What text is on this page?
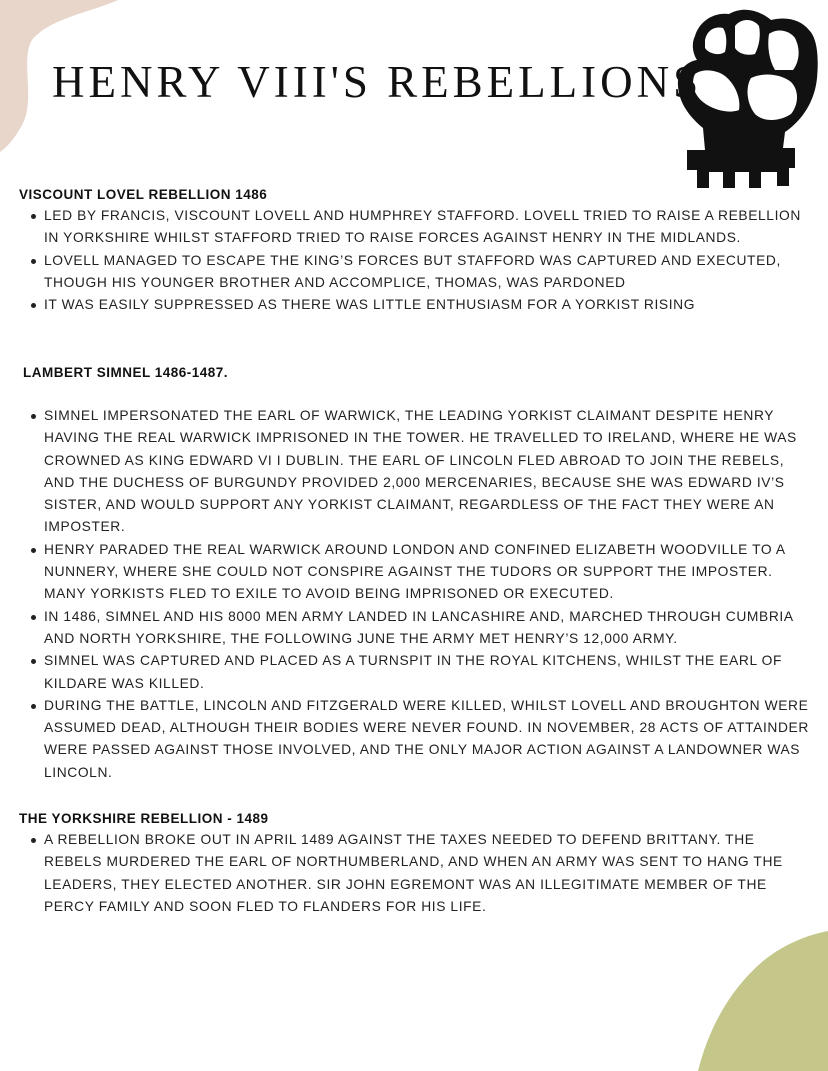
HENRY VIII'S REBELLIONS
VISCOUNT LOVEL REBELLION 1486
LED BY FRANCIS, VISCOUNT LOVELL AND HUMPHREY STAFFORD. LOVELL TRIED TO RAISE A REBELLION IN YORKSHIRE WHILST STAFFORD TRIED TO RAISE FORCES AGAINST HENRY IN THE MIDLANDS.
LOVELL MANAGED TO ESCAPE THE KING’S FORCES BUT STAFFORD WAS CAPTURED AND EXECUTED, THOUGH HIS YOUNGER BROTHER AND ACCOMPLICE, THOMAS, WAS PARDONED
IT WAS EASILY SUPPRESSED AS THERE WAS LITTLE ENTHUSIASM FOR A YORKIST RISING
LAMBERT SIMNEL 1486-1487.
SIMNEL IMPERSONATED THE EARL OF WARWICK, THE LEADING YORKIST CLAIMANT DESPITE HENRY HAVING THE REAL WARWICK IMPRISONED IN THE TOWER. HE TRAVELLED TO IRELAND, WHERE HE WAS CROWNED AS KING EDWARD VI I DUBLIN. THE EARL OF LINCOLN FLED ABROAD TO JOIN THE REBELS, AND THE DUCHESS OF BURGUNDY PROVIDED 2,000 MERCENARIES, BECAUSE SHE WAS EDWARD IV’S SISTER, AND WOULD SUPPORT ANY YORKIST CLAIMANT, REGARDLESS OF THE FACT THEY WERE AN IMPOSTER.
HENRY PARADED THE REAL WARWICK AROUND LONDON AND CONFINED ELIZABETH WOODVILLE TO A NUNNERY, WHERE SHE COULD NOT CONSPIRE AGAINST THE TUDORS OR SUPPORT THE IMPOSTER. MANY YORKISTS FLED TO EXILE TO AVOID BEING IMPRISONED OR EXECUTED.
IN 1486, SIMNEL AND HIS 8000 MEN ARMY LANDED IN LANCASHIRE AND, MARCHED THROUGH CUMBRIA AND NORTH YORKSHIRE, THE FOLLOWING JUNE THE ARMY MET HENRY’S 12,000 ARMY.
SIMNEL WAS CAPTURED AND PLACED AS A TURNSPIT IN THE ROYAL KITCHENS, WHILST THE EARL OF KILDARE WAS KILLED.
DURING THE BATTLE, LINCOLN AND FITZGERALD WERE KILLED, WHILST LOVELL AND BROUGHTON WERE ASSUMED DEAD, ALTHOUGH THEIR BODIES WERE NEVER FOUND. IN NOVEMBER, 28 ACTS OF ATTAINDER WERE PASSED AGAINST THOSE INVOLVED, AND THE ONLY MAJOR ACTION AGAINST A LANDOWNER WAS LINCOLN.
THE YORKSHIRE REBELLION - 1489
A REBELLION BROKE OUT IN APRIL 1489 AGAINST THE TAXES NEEDED TO DEFEND BRITTANY. THE REBELS MURDERED THE EARL OF NORTHUMBERLAND, AND WHEN AN ARMY WAS SENT TO HANG THE LEADERS, THEY ELECTED ANOTHER. SIR JOHN EGREMONT WAS AN ILLEGITIMATE MEMBER OF THE PERCY FAMILY AND SOON FLED TO FLANDERS FOR HIS LIFE.
